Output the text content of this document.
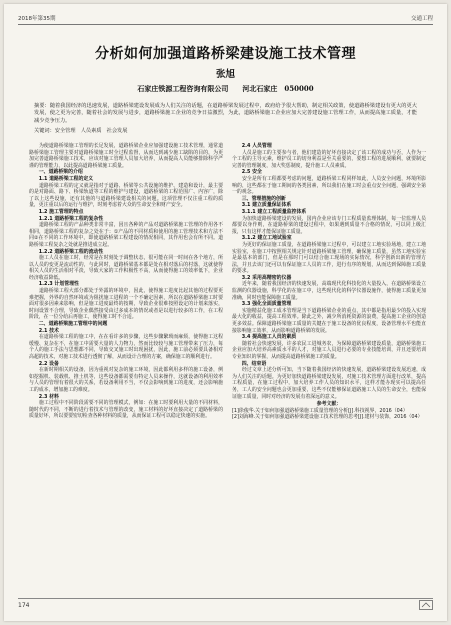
2018年第35期	交通工程
分析如何加强道路桥梁建设施工技术管理
张旭
石家庄铁源工程咨询有限公司　　河北石家庄　050000
摘要：随着我国经济的迅速发展，道路桥梁建设发展成为人们关注的话题，在道路桥梁发展过程中，政府给予很大帮助，制定相关政策，使道路桥梁建设有更大的更大发展，使之更为完善，随着社会的发展与进步，道路桥梁施工企业的竞争日益激烈，为此，道路桥梁施工企业应加大完善建设施工管理工作，从而提高施工质量，才能减少竞争压力。
关键词：安全管理　人员素质　社会发展

　　为使道路桥梁施工管理的长足发展，道路桥梁企业应加强建设施工技术管理，通常道路桥梁施工管理主要对道路桥梁施工时全过程监督，从而达到减少施工缺陷的目的，为更加完善道路桥梁施工技术，应该对施工管理人员加大培养，从而提高人员能够排除科学严谨的管理能力，以此提高道路桥梁施工质量。

　　一、道路桥梁的介绍

　　1.1 道路桥梁工程的定义

　　道路桥梁工程的定义就是指对于道路、桥梁等公共设施的维护、建造和设计，最主要的是对路面、路下、桥梁轨道等工程的维护与建设，道路桥梁的工程范围广、内容广，除了以上这些设施，还有其他的与道路桥梁建设相关的问题。这项管理不仅注重工程的质量，更注重以后的运行与维护，时刻考虑着大众的生命安全和财产安全。

　　1.2 施工管理的特点

　　1.2.1 道路桥梁工程的复杂性

　　道路桥梁工程的产品种类非常丰富，因且各种的产品对道路桥梁施工管理的作用各不相同，道路桥梁工程的复杂之处在于：①产品的不同材质和使用的施工管理技术和方法不同②在不同的工作环境中，即使道路桥梁工程建设的情况相同，其作用也会有所不同。道路桥梁工程复杂之处就是推进成立起。

　　1.2.2 道路桥梁工程的流动性

　　施工人员在施工时，经常是在时刻处于调整状态，很可能在同一时间在各个地方，所以人员的变更是流动性的，与此同时，道路桥梁基本都是处在相对落后的村落，这就使得相关人员的生活相对平淡，导致大家的工作积极性不高，从而使得施工的效率低下，企业经济收益降低。

　　1.2.3 计划管理性

　　道路桥梁工程大部分都处于外露的环境中，因此，使得施工进度比起其他的过程要更难把握，外界的自然环境或为阻扰施工进程的一个不确定因素，所以在道路桥梁施工时要面对很多因素来影响，但是施工进度最终的按期，导致企业很难按照设定的计划来落实，时间设置不合理，导致企业偶然接受由过多成本的情况或者是以进行较多的工作，在工程阶段，在一位分给后再施工，使得施工时不合适。

　　二、道路桥梁施工管理中的问题

　　2.1 技术

　　在道路桥梁工程的施工中，在在看许多的步骤，这些步骤繁琐而麻烦，使得施工这程缓慢、复杂在不，在施工中需要大量的人力物力，然而比较较与施工管理带来了压力，每个人的施工手法与思想都不同，导致交叉施工时出现困扰，因此，施工前必须要具备相对高超的技术，对施工技术进行透彻了解，从而设计合理的方案，确保施工的顺利进行。

　　2.2 设备

　　在新时期相关的设备，因为重视对复杂的施工环境，因此都利用多样的施工设备，例如挖掘机、装载机、推土机等，这些设备都需要有特定人员来操作，这就设备的利用效率与人员的管理有着很大的关系，若设备利用不当，不仅会影响到施工的进度，还会影响施工的成本，增加施工的难度。

　　2.3 材料

　　施工过程中不同阶段需要不同的管理模式，例如：在施工时要利用大量的不同材料，随时代的不同，不断的进行着技术与管理的改变，施工材料的好坏直接决定了道路桥梁的质量好坏，所以要要密切检查各种材料的质量，从而保证工程可以稳定快速的实施。

　　2.4 人员管理

　　人员是施工的主要参与者，他们建造的好坏直接决定了该工程的成功与否，人作为一个工程的主导元素，维护员工的切身利益是至关重要的，要想工程的进展顺利，就要制定完善的管理制度，加大奖惩制度，提升施工人员素质。

　　2.5 安全

　　安全是所有工程都要考虑的问题，道路桥梁工程同样如此，人员安全问题，环境所影响的，这些都在于施工期间的各类因素，所以我们在施工时会重点安全问题，强调安全第一的观念。

　　三、管理措施的创新

　　3.1 建立质量保证体系

　　3.1.1 建立工程质量监控体系

　　为加快道路桥梁建设的发展，国内企业应该专门工程质量监理体制，每一位监理人员都要以身作则，在道路桥梁的建设过程中，如果遇到质量不合格的情况，可以同上级汇报，只有这样才能保证施工质量。

　　3.1.2 建立工地试验室

　　为更好的保证施工质量，在道路桥梁施工过程中，可以建立工地实验场地，建立工地实验室，在施工中按照相关规定针对道路桥梁施工管理，确保施工质量，虽然工地实验室是最基本的部门，但是在那时门可以结合施工现场的实际情况，科学创新出新的管理方法，并且去该门还可以有保证施工人员的工作，进行有序的规划，从而达到保障施工质量的要求。

　　3.2 采用高精密的仪器

　　近年来，随着我国经济的快速发展，高端现代化科技化的大量投入，在道路桥梁设立监测的仪器设施，科学化的在施工中，这些现代化的科学仪器设施作，使得施工质量更加准确，同时也能保障施工质量。

　　3.3 强化全面质量管理

　　实施精益化施工成本管理是当下道路桥梁企业的重点，其中都是指用最少的投入实现最大化的收益，提高工程效率。除此之外，减少所消耗资源的浪费，提高施工企业的创造更多效益。保障道路桥梁施工质量的关键在于施工设备的优良程度，设备管理水平也能直接影响施工效率，从而影响道路桥梁的发展。

　　3.4 提高施工人员的素质

　　随着社会快速发展，许多农民工进城务农，为保障道路桥梁建设质量，道路桥梁施工企业应加大培养高素质水平的人才，对施工人员进行必要的专业技能培训，并且还要培训专业知识的掌握，从而提高道路桥梁施工的质量。

　　四、结束语

　　经过文章上述分析可知，当下随着我国经济的快速发展，道路桥梁建设发展迅速，成为人们关注的话题。为更好加快道路桥梁建设发展，对施工技术管理方面进行改革，提高工程质量，在施工过程中，加大培养工作人员的知识水平，这样才能办现实可以提高任务，工人的安全问题也会更加重要，这些不仅能够保证道路施工人员的生命安全，也能保证施工质量，同时对经济的发展有着深远的意义。

参考文献：

[1]徐俊华.关于如何加强道路桥梁施工质量管理的分析[J].科技视界，2016（04）

[2]刘海峰.关于如何加强道路桥梁建设施工技术管理的思考[J].建材与装饰，2016（04）

174
